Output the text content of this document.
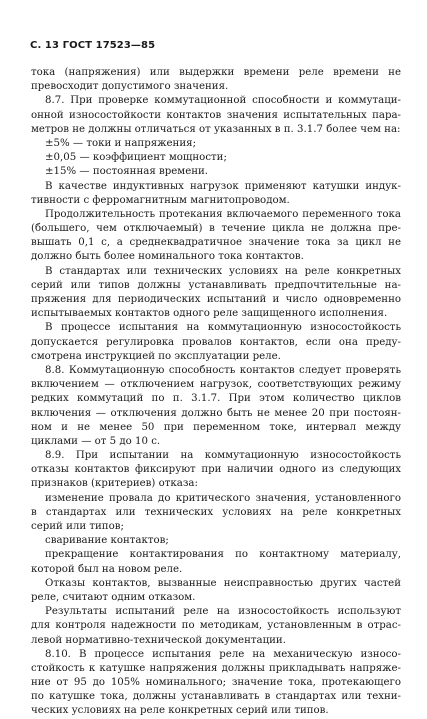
С. 13 ГОСТ 17523—85
тока (напряжения) или выдержки времени реле времени не
превосходит допустимого значения.
8.7. При проверке коммутационной способности и коммутаци-
онной износостойкости контактов значения испытательных пара-
метров не должны отличаться от указанных в п. 3.1.7 более чем на:
±5% — токи и напряжения;
±0,05 — коэффициент мощности;
±15% — постоянная времени.
В качестве индуктивных нагрузок применяют катушки индук-
тивности с ферромагнитным магнитопроводом.
Продолжительность протекания включаемого переменного тока
(большего, чем отключаемый) в течение цикла не должна пре-
вышать 0,1 с, а среднеквадратичное значение тока за цикл не
должно быть более номинального тока контактов.
В стандартах или технических условиях на реле конкретных
серий или типов должны устанавливать предпочтительные на-
пряжения для периодических испытаний и число одновременно
испытываемых контактов одного реле защищенного исполнения.
В процессе испытания на коммутационную износостойкость
допускается регулировка провалов контактов, если она преду-
смотрена инструкцией по эксплуатации реле.
8.8. Коммутационную способность контактов следует проверять
включением — отключением нагрузок, соответствующих режиму
редких коммутаций по п. 3.1.7. При этом количество циклов
включения — отключения должно быть не менее 20 при постоян-
ном и не менее 50 при переменном токе, интервал между
циклами — от 5 до 10 с.
8.9. При испытании на коммутационную износостойкость
отказы контактов фиксируют при наличии одного из следующих
признаков (критериев) отказа:
изменение провала до критического значения, установленного
в стандартах или технических условиях на реле конкретных
серий или типов;
сваривание контактов;
прекращение контактирования по контактному материалу,
которой был на новом реле.
Отказы контактов, вызванные неисправностью других частей
реле, считают одним отказом.
Результаты испытаний реле на износостойкость используют
для контроля надежности по методикам, установленным в отрас-
левой нормативно-технической документации.
8.10. В процессе испытания реле на механическую износо-
стойкость к катушке напряжения должны прикладывать напряже-
ние от 95 до 105% номинального; значение тока, протекающего
по катушке тока, должны устанавливать в стандартах или техни-
ческих условиях на реле конкретных серий или типов.
